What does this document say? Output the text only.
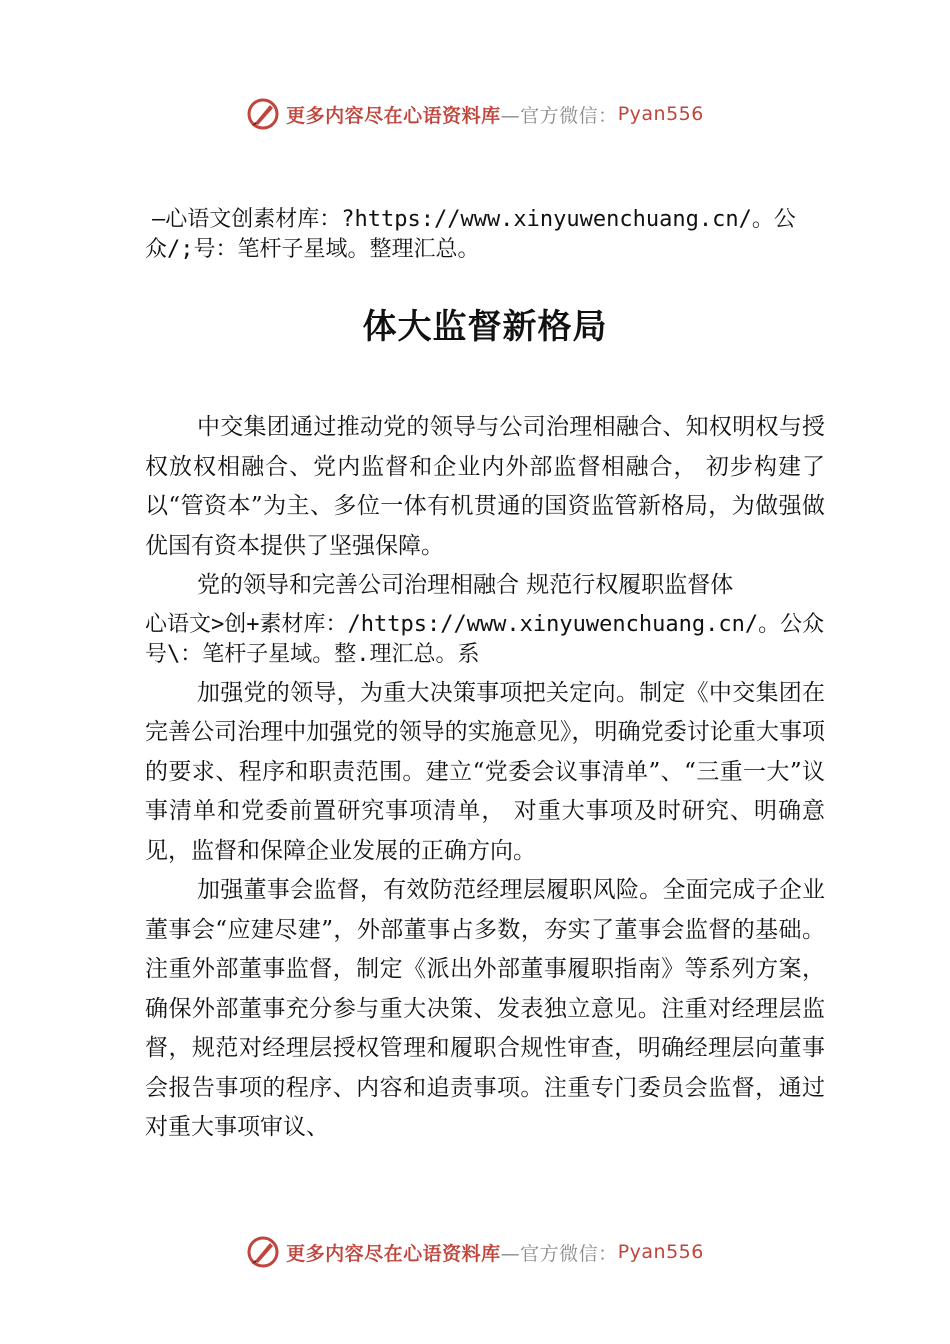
更多内容尽在心语资料库 —官方微信： Pyan556

—心语文创素材库：?https://www.xinyuwenchuang.cn/。公众/;号：笔杆子星域。整理汇总。

体大监督新格局

中交集团通过推动党的领导与公司治理相融合、知权明权与授权放权相融合、党内监督和企业内外部监督相融合， 初步构建了以“管资本”为主、多位一体有机贯通的国资监管新格局，为做强做优国有资本提供了坚强保障。

党的领导和完善公司治理相融合 规范行权履职监督体

心语文>创+素材库：/https://www.xinyuwenchuang.cn/。公众号\：笔杆子星域。整.理汇总。系

加强党的领导，为重大决策事项把关定向。制定《中交集团在完善公司治理中加强党的领导的实施意见》，明确党委讨论重大事项的要求、程序和职责范围。建立“党委会议事清单”、“三重一大”议事清单和党委前置研究事项清单， 对重大事项及时研究、明确意见，监督和保障企业发展的正确方向。

加强董事会监督，有效防范经理层履职风险。全面完成子企业董事会“应建尽建”，外部董事占多数，夯实了董事会监督的基础。注重外部董事监督，制定《派出外部董事履职指南》等系列方案，确保外部董事充分参与重大决策、发表独立意见。注重对经理层监督，规范对经理层授权管理和履职合规性审查，明确经理层向董事会报告事项的程序、内容和追责事项。注重专门委员会监督，通过对重大事项审议、

更多内容尽在心语资料库 —官方微信： Pyan556
